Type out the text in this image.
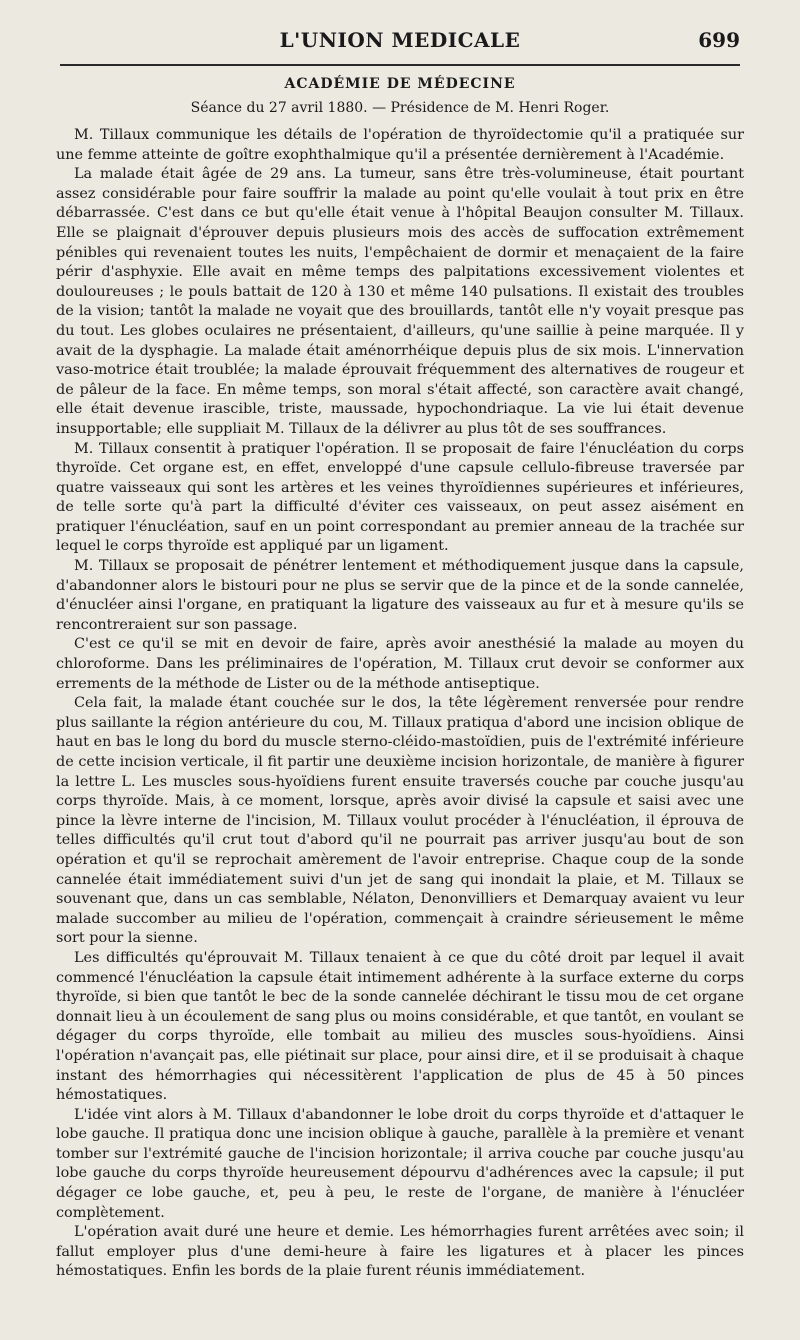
L'UNION MEDICALE	699
ACADÉMIE DE MÉDECINE
Séance du 27 avril 1880. — Présidence de M. Henri Roger.

M. Tillaux communique les détails de l'opération de thyroïdectomie qu'il a pratiquée sur une femme atteinte de goître exophthalmique qu'il a présentée dernièrement à l'Académie.

La malade était âgée de 29 ans. La tumeur, sans être très-volumineuse, était pourtant assez considérable pour faire souffrir la malade au point qu'elle voulait à tout prix en être débarrassée. C'est dans ce but qu'elle était venue à l'hôpital Beaujon consulter M. Tillaux. Elle se plaignait d'éprouver depuis plusieurs mois des accès de suffocation extrêmement pénibles qui revenaient toutes les nuits, l'empêchaient de dormir et menaçaient de la faire périr d'asphyxie. Elle avait en même temps des palpitations excessivement violentes et douloureuses ; le pouls battait de 120 à 130 et même 140 pulsations. Il existait des troubles de la vision; tantôt la malade ne voyait que des brouillards, tantôt elle n'y voyait presque pas du tout. Les globes oculaires ne présentaient, d'ailleurs, qu'une saillie à peine marquée. Il y avait de la dysphagie. La malade était aménorrhéique depuis plus de six mois. L'innervation vaso-motrice était troublée; la malade éprouvait fréquemment des alternatives de rougeur et de pâleur de la face. En même temps, son moral s'était affecté, son caractère avait changé, elle était devenue irascible, triste, maussade, hypochondriaque. La vie lui était devenue insupportable; elle suppliait M. Tillaux de la délivrer au plus tôt de ses souffrances.

M. Tillaux consentit à pratiquer l'opération. Il se proposait de faire l'énucléation du corps thyroïde. Cet organe est, en effet, enveloppé d'une capsule cellulo-fibreuse traversée par quatre vaisseaux qui sont les artères et les veines thyroïdiennes supérieures et inférieures, de telle sorte qu'à part la difficulté d'éviter ces vaisseaux, on peut assez aisément en pratiquer l'énucléation, sauf en un point correspondant au premier anneau de la trachée sur lequel le corps thyroïde est appliqué par un ligament.

M. Tillaux se proposait de pénétrer lentement et méthodiquement jusque dans la capsule, d'abandonner alors le bistouri pour ne plus se servir que de la pince et de la sonde cannelée, d'énucléer ainsi l'organe, en pratiquant la ligature des vaisseaux au fur et à mesure qu'ils se rencontreraient sur son passage.

C'est ce qu'il se mit en devoir de faire, après avoir anesthésié la malade au moyen du chloroforme. Dans les préliminaires de l'opération, M. Tillaux crut devoir se conformer aux errements de la méthode de Lister ou de la méthode antiseptique.

Cela fait, la malade étant couchée sur le dos, la tête légèrement renversée pour rendre plus saillante la région antérieure du cou, M. Tillaux pratiqua d'abord une incision oblique de haut en bas le long du bord du muscle sterno-cléido-mastoïdien, puis de l'extrémité inférieure de cette incision verticale, il fit partir une deuxième incision horizontale, de manière à figurer la lettre L. Les muscles sous-hyoïdiens furent ensuite traversés couche par couche jusqu'au corps thyroïde. Mais, à ce moment, lorsque, après avoir divisé la capsule et saisi avec une pince la lèvre interne de l'incision, M. Tillaux voulut procéder à l'énucléation, il éprouva de telles difficultés qu'il crut tout d'abord qu'il ne pourrait pas arriver jusqu'au bout de son opération et qu'il se reprochait amèrement de l'avoir entreprise. Chaque coup de la sonde cannelée était immédiatement suivi d'un jet de sang qui inondait la plaie, et M. Tillaux se souvenant que, dans un cas semblable, Nélaton, Denonvilliers et Demarquay avaient vu leur malade succomber au milieu de l'opération, commençait à craindre sérieusement le même sort pour la sienne.

Les difficultés qu'éprouvait M. Tillaux tenaient à ce que du côté droit par lequel il avait commencé l'énucléation la capsule était intimement adhérente à la surface externe du corps thyroïde, si bien que tantôt le bec de la sonde cannelée déchirant le tissu mou de cet organe donnait lieu à un écoulement de sang plus ou moins considérable, et que tantôt, en voulant se dégager du corps thyroïde, elle tombait au milieu des muscles sous-hyoïdiens. Ainsi l'opération n'avançait pas, elle piétinait sur place, pour ainsi dire, et il se produisait à chaque instant des hémorrhagies qui nécessitèrent l'application de plus de 45 à 50 pinces hémostatiques.

L'idée vint alors à M. Tillaux d'abandonner le lobe droit du corps thyroïde et d'attaquer le lobe gauche. Il pratiqua donc une incision oblique à gauche, parallèle à la première et venant tomber sur l'extrémité gauche de l'incision horizontale; il arriva couche par couche jusqu'au lobe gauche du corps thyroïde heureusement dépourvu d'adhérences avec la capsule; il put dégager ce lobe gauche, et, peu à peu, le reste de l'organe, de manière à l'énucléer complètement.

L'opération avait duré une heure et demie. Les hémorrhagies furent arrêtées avec soin; il fallut employer plus d'une demi-heure à faire les ligatures et à placer les pinces hémostatiques. Enfin les bords de la plaie furent réunis immédiatement.
